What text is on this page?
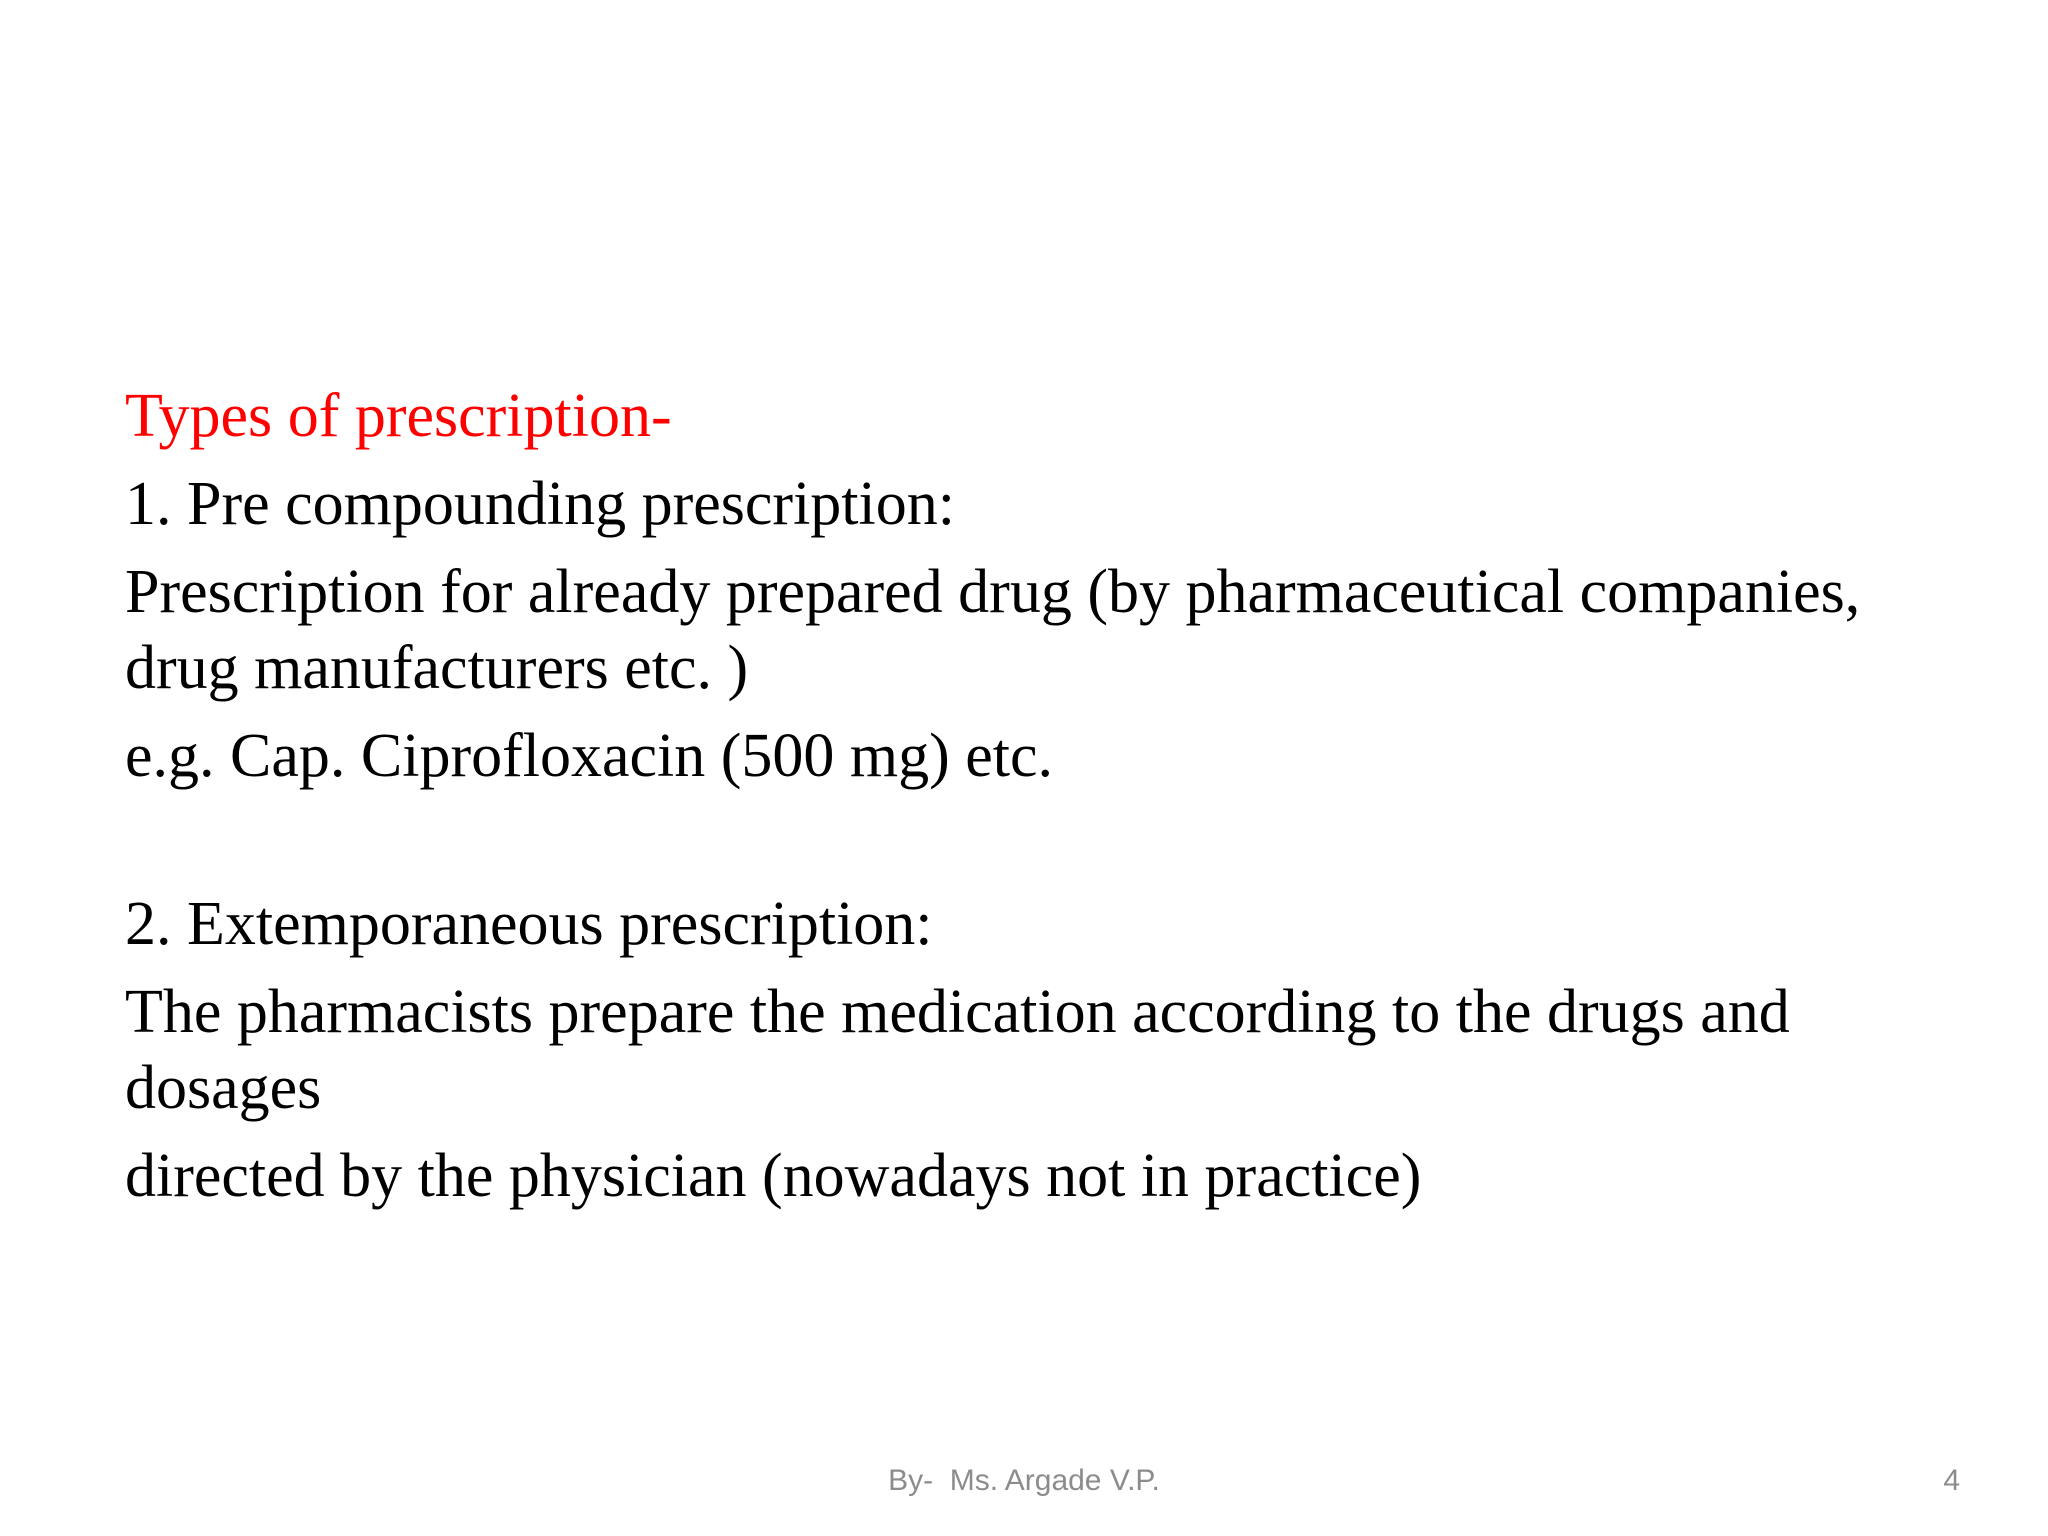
Types of prescription-

1. Pre compounding prescription:

Prescription for already prepared drug (by pharmaceutical companies, drug manufacturers etc. )

e.g. Cap. Ciprofloxacin (500 mg) etc.

2. Extemporaneous prescription:

The pharmacists prepare the medication according to the drugs and dosages

directed by the physician (nowadays not in practice)

By-  Ms. Argade V.P.	4
